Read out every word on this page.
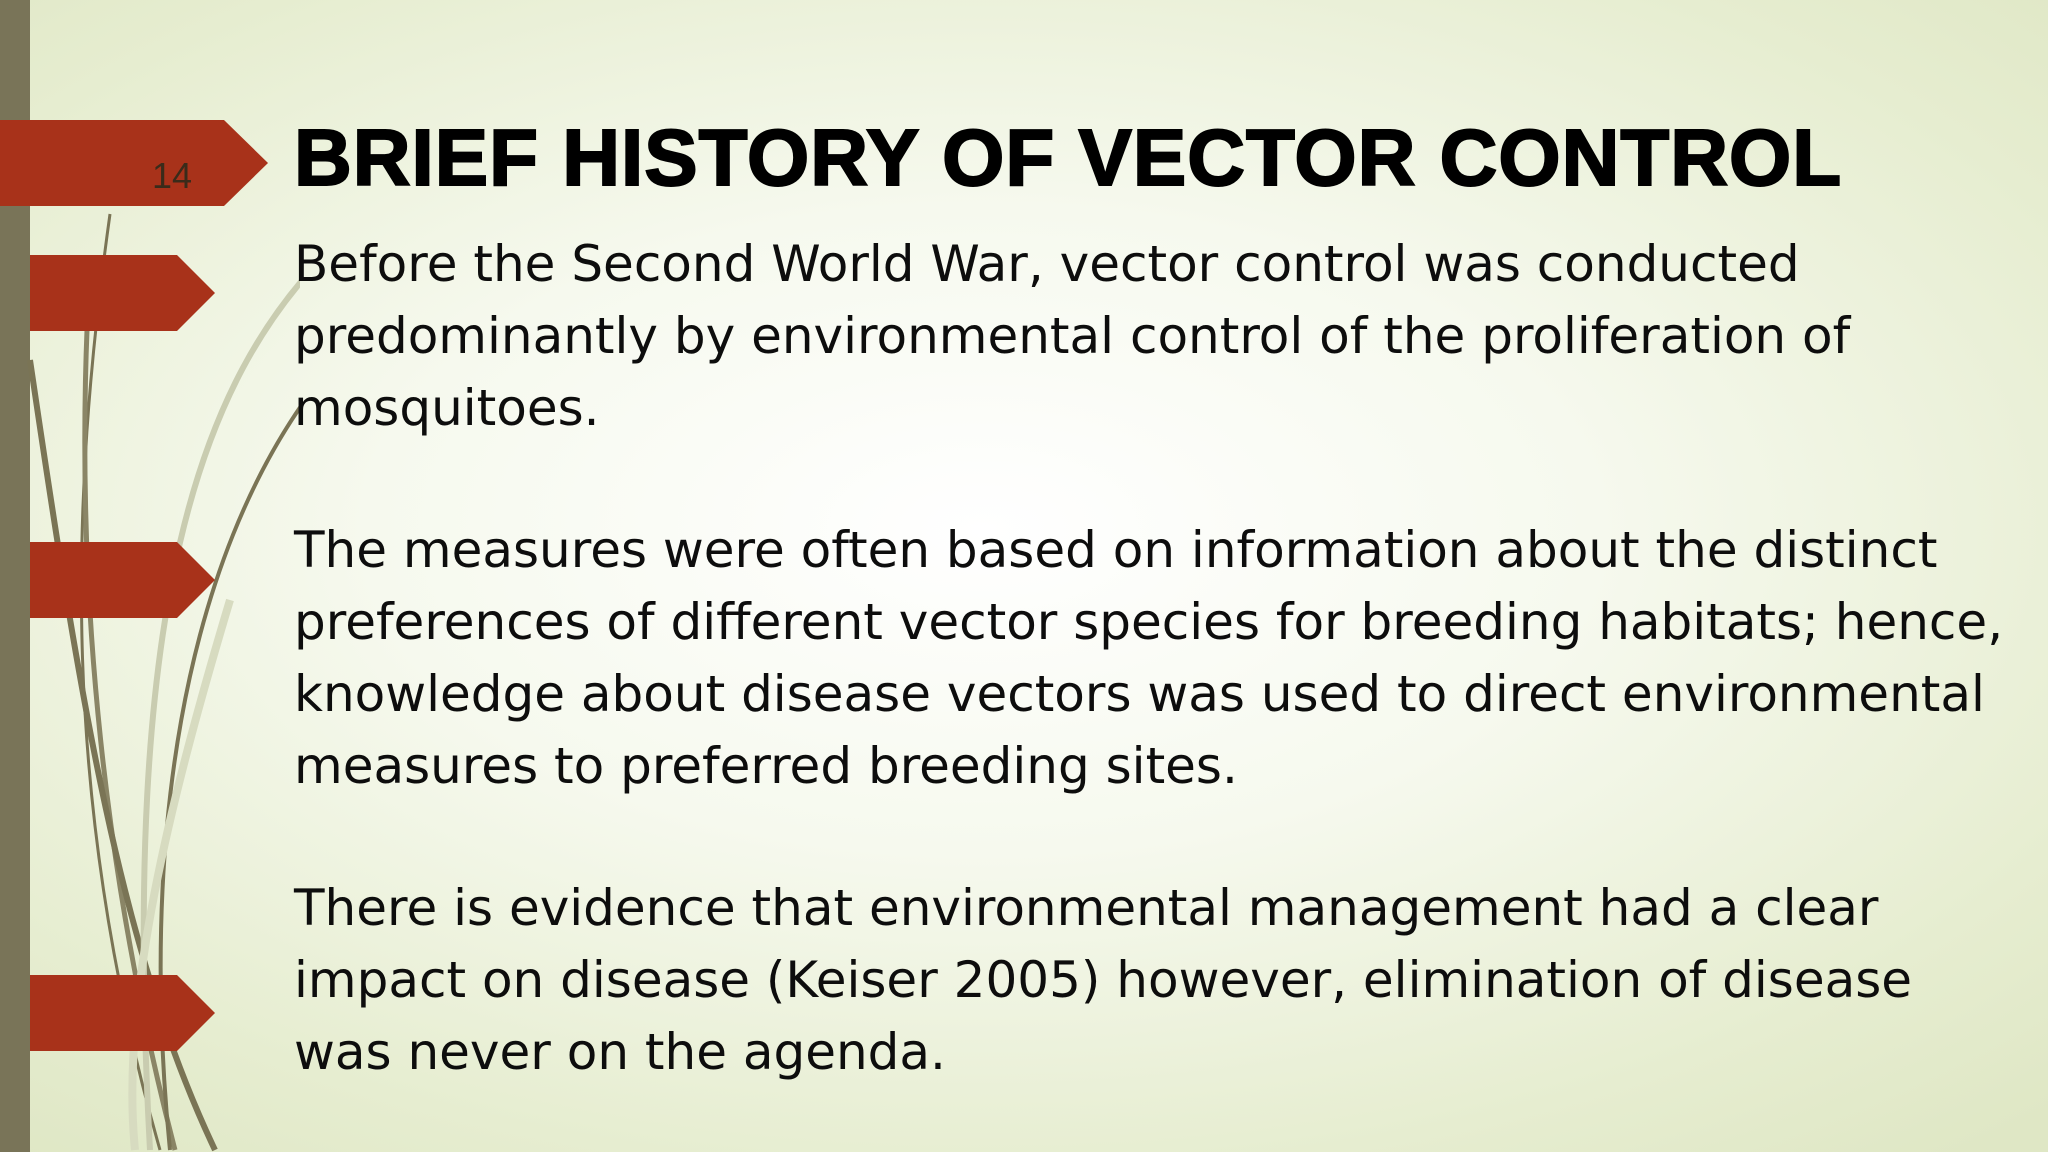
14 BRIEF HISTORY OF VECTOR CONTROL

Before the Second World War, vector control was conducted predominantly by environmental control of the proliferation of mosquitoes.

The measures were often based on information about the distinct preferences of different vector species for breeding habitats; hence, knowledge about disease vectors was used to direct environmental measures to preferred breeding sites.

There is evidence that environmental management had a clear impact on disease (Keiser 2005) however, elimination of disease was never on the agenda.
